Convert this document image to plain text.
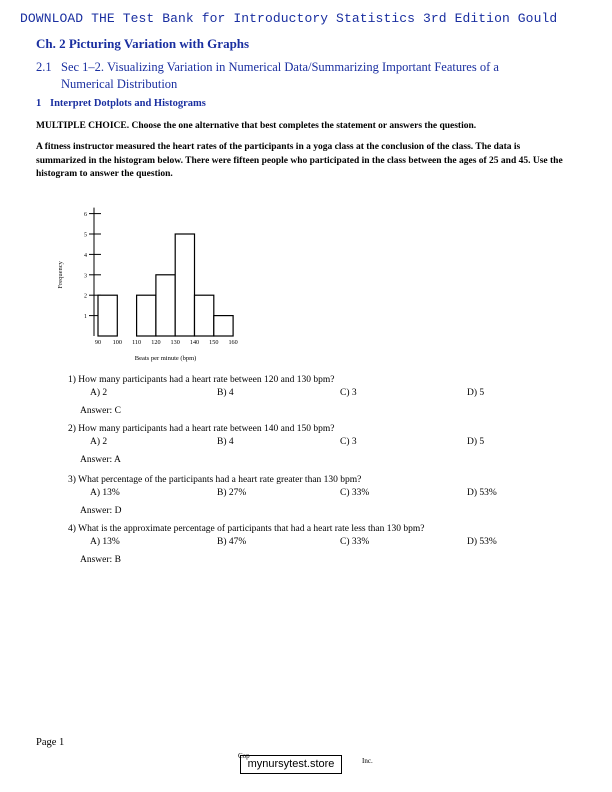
DOWNLOAD THE Test Bank for Introductory Statistics 3rd Edition Gould
Ch. 2 Picturing Variation with Graphs
2.1 Sec 1–2. Visualizing Variation in Numerical Data/Summarizing Important Features of a
Numerical Distribution
1 Interpret Dotplots and Histograms
MULTIPLE CHOICE. Choose the one alternative that best completes the statement or answers the question.
A fitness instructor measured the heart rates of the participants in a yoga class at the conclusion of the class. The data is summarized in the histogram below. There were fifteen people who participated in the class between the ages of 25 and 45. Use the histogram to answer the question.
1
2
3
4
5
6
90 100 110 120 130 140 150 160
Beats per minute (bpm)
Frequency
1) How many participants had a heart rate between 120 and 130 bpm?
A) 2	B) 4	C) 3	D) 5
Answer: C
2) How many participants had a heart rate between 140 and 150 bpm?
A) 2	B) 4	C) 3	D) 5
Answer: A
3) What percentage of the participants had a heart rate greater than 130 bpm?
A) 13%	B) 27%	C) 33%	D) 53%
Answer: D
4) What is the approximate percentage of participants that had a heart rate less than 130 bpm?
A) 13%	B) 47%	C) 33%	D) 53%
Answer: B
Page 1
Cop
mynursytest.store	Inc.
